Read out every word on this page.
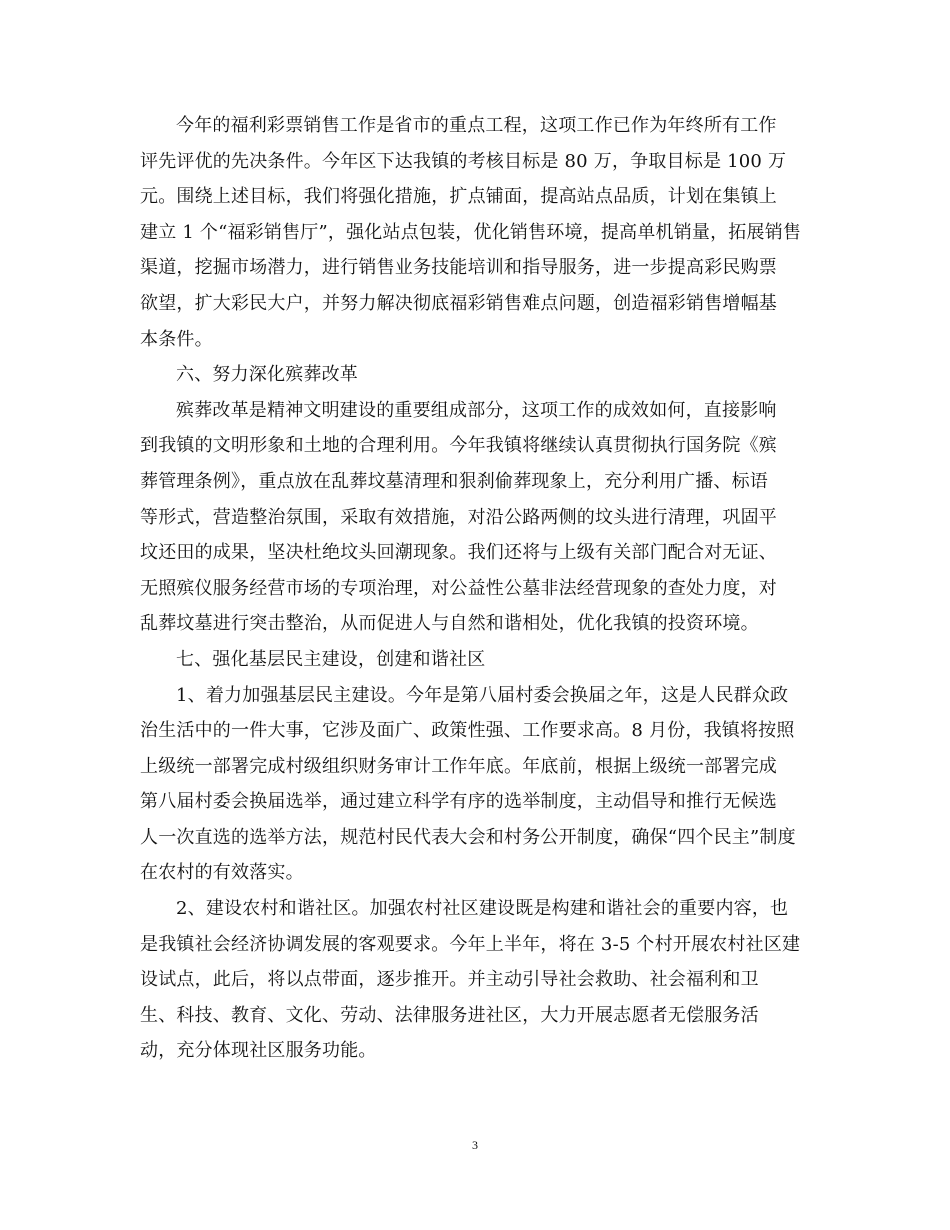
今年的福利彩票销售工作是省市的重点工程，这项工作已作为年终所有工作
评先评优的先决条件。今年区下达我镇的考核目标是 80 万，争取目标是 100 万
元。围绕上述目标，我们将强化措施，扩点铺面，提高站点品质，计划在集镇上
建立 1 个“福彩销售厅”，强化站点包装，优化销售环境，提高单机销量，拓展销售
渠道，挖掘市场潜力，进行销售业务技能培训和指导服务，进一步提高彩民购票
欲望，扩大彩民大户，并努力解决彻底福彩销售难点问题，创造福彩销售增幅基
本条件。
六、努力深化殡葬改革
殡葬改革是精神文明建设的重要组成部分，这项工作的成效如何，直接影响
到我镇的文明形象和土地的合理利用。今年我镇将继续认真贯彻执行国务院《殡
葬管理条例》，重点放在乱葬坟墓清理和狠刹偷葬现象上，充分利用广播、标语
等形式，营造整治氛围，采取有效措施，对沿公路两侧的坟头进行清理，巩固平
坟还田的成果，坚决杜绝坟头回潮现象。我们还将与上级有关部门配合对无证、
无照殡仪服务经营市场的专项治理，对公益性公墓非法经营现象的查处力度，对
乱葬坟墓进行突击整治，从而促进人与自然和谐相处，优化我镇的投资环境。
七、强化基层民主建设，创建和谐社区
1、着力加强基层民主建设。今年是第八届村委会换届之年，这是人民群众政
治生活中的一件大事，它涉及面广、政策性强、工作要求高。8 月份，我镇将按照
上级统一部署完成村级组织财务审计工作年底。年底前，根据上级统一部署完成
第八届村委会换届选举，通过建立科学有序的选举制度，主动倡导和推行无候选
人一次直选的选举方法，规范村民代表大会和村务公开制度，确保“四个民主”制度
在农村的有效落实。
2、建设农村和谐社区。加强农村社区建设既是构建和谐社会的重要内容，也
是我镇社会经济协调发展的客观要求。今年上半年，将在 3-5 个村开展农村社区建
设试点，此后，将以点带面，逐步推开。并主动引导社会救助、社会福利和卫
生、科技、教育、文化、劳动、法律服务进社区，大力开展志愿者无偿服务活
动，充分体现社区服务功能。
3
